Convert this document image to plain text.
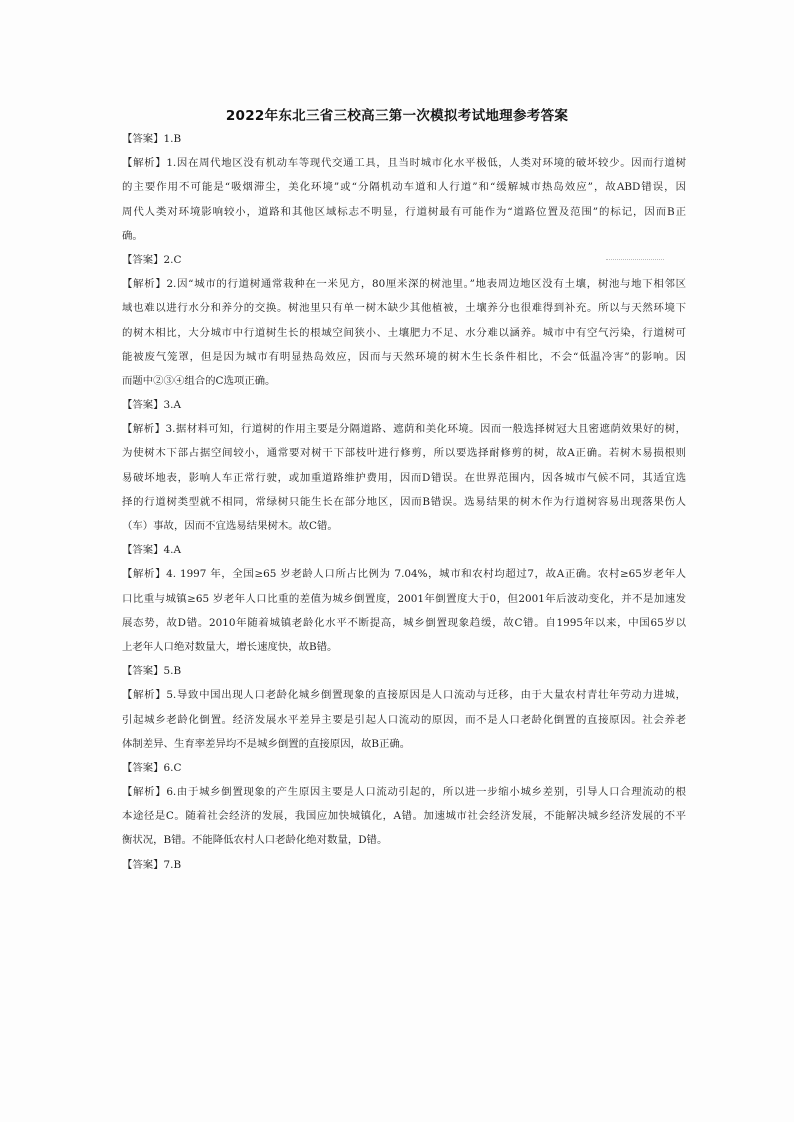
2022年东北三省三校高三第一次模拟考试地理参考答案
【答案】1.B
【解析】1.因在周代地区没有机动车等现代交通工具，且当时城市化水平极低，人类对环境的破坏较少。因而行道树
的主要作用不可能是“吸烟滞尘，美化环境”或“分隔机动车道和人行道”和“缓解城市热岛效应”，故ABD错误，因
周代人类对环境影响较小，道路和其他区域标志不明显，行道树最有可能作为“道路位置及范围”的标记，因而B正
确。
【答案】2.C
【解析】2.因“城市的行道树通常栽种在一米见方，80厘米深的树池里。”地表周边地区没有土壤，树池与地下相邻区
域也难以进行水分和养分的交换。树池里只有单一树木缺少其他植被，土壤养分也很难得到补充。所以与天然环境下
的树木相比，大分城市中行道树生长的根域空间狭小、土壤肥力不足、水分难以涵养。城市中有空气污染，行道树可
能被废气笼罩，但是因为城市有明显热岛效应，因而与天然环境的树木生长条件相比，不会“低温冷害”的影响。因
而题中②③④组合的C选项正确。
【答案】3.A
【解析】3.据材料可知，行道树的作用主要是分隔道路、遮荫和美化环境。因而一般选择树冠大且密遮荫效果好的树，
为使树木下部占据空间较小，通常要对树干下部枝叶进行修剪，所以要选择耐修剪的树，故A正确。若树木易损根则
易破坏地表，影响人车正常行驶，或加重道路维护费用，因而D错误。在世界范围内，因各城市气候不同，其适宜选
择的行道树类型就不相同，常绿树只能生长在部分地区，因而B错误。选易结果的树木作为行道树容易出现落果伤人
（车）事故，因而不宜选易结果树木。故C错。
【答案】4.A
【解析】4. 1997 年，全国≥65 岁老龄人口所占比例为 7.04%，城市和农村均超过7，故A正确。农村≥65岁老年人
口比重与城镇≥65 岁老年人口比重的差值为城乡倒置度，2001年倒置度大于0，但2001年后波动变化，并不是加速发
展态势，故D错。2010年随着城镇老龄化水平不断提高，城乡倒置现象趋缓，故C错。自1995年以来，中国65岁以
上老年人口绝对数量大，增长速度快，故B错。
【答案】5.B
【解析】5.导致中国出现人口老龄化城乡倒置现象的直接原因是人口流动与迁移，由于大量农村青壮年劳动力进城，
引起城乡老龄化倒置。经济发展水平差异主要是引起人口流动的原因，而不是人口老龄化倒置的直接原因。社会养老
体制差异、生育率差异均不是城乡倒置的直接原因，故B正确。
【答案】6.C
【解析】6.由于城乡倒置现象的产生原因主要是人口流动引起的，所以进一步缩小城乡差别，引导人口合理流动的根
本途径是C。随着社会经济的发展，我国应加快城镇化，A错。加速城市社会经济发展，不能解决城乡经济发展的不平
衡状况，B错。不能降低农村人口老龄化绝对数量，D错。
【答案】7.B
